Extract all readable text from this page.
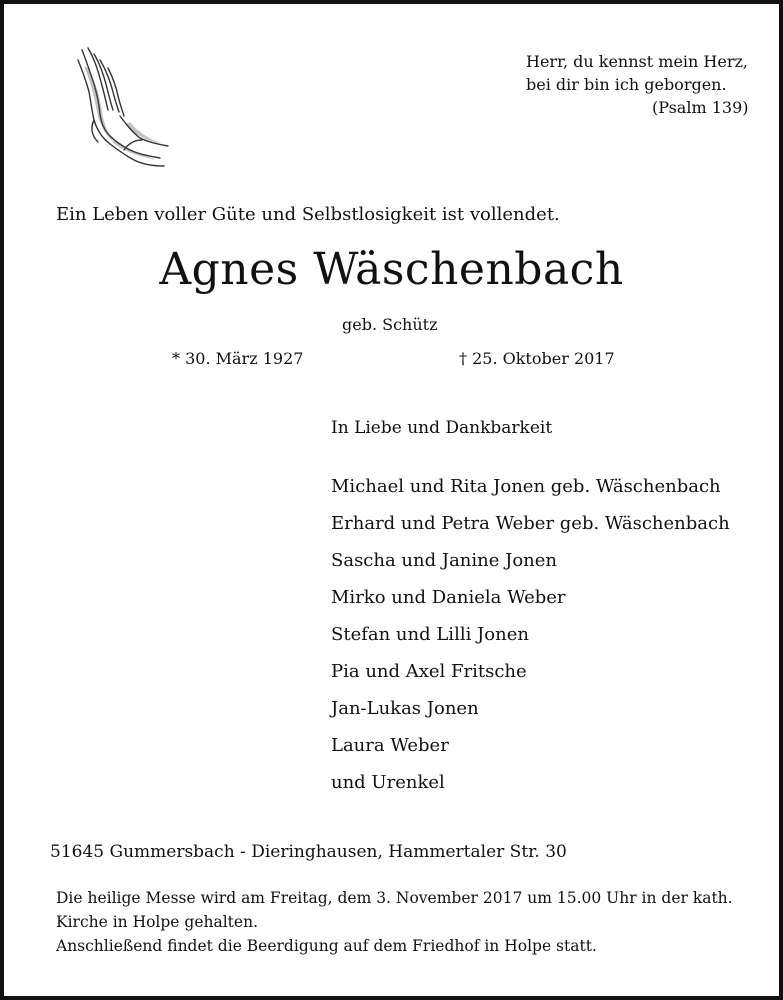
Herr, du kennst mein Herz,
bei dir bin ich geborgen.
(Psalm 139)
Ein Leben voller Güte und Selbstlosigkeit ist vollendet.
Agnes Wäschenbach
geb. Schütz
* 30. März 1927	† 25. Oktober 2017
In Liebe und Dankbarkeit
Michael und Rita Jonen geb. Wäschenbach
Erhard und Petra Weber geb. Wäschenbach
Sascha und Janine Jonen
Mirko und Daniela Weber
Stefan und Lilli Jonen
Pia und Axel Fritsche
Jan-Lukas Jonen
Laura Weber
und Urenkel
51645 Gummersbach - Dieringhausen, Hammertaler Str. 30

Die heilige Messe wird am Freitag, dem 3. November 2017 um 15.00 Uhr in der kath.

Kirche in Holpe gehalten.

Anschließend findet die Beerdigung auf dem Friedhof in Holpe statt.
